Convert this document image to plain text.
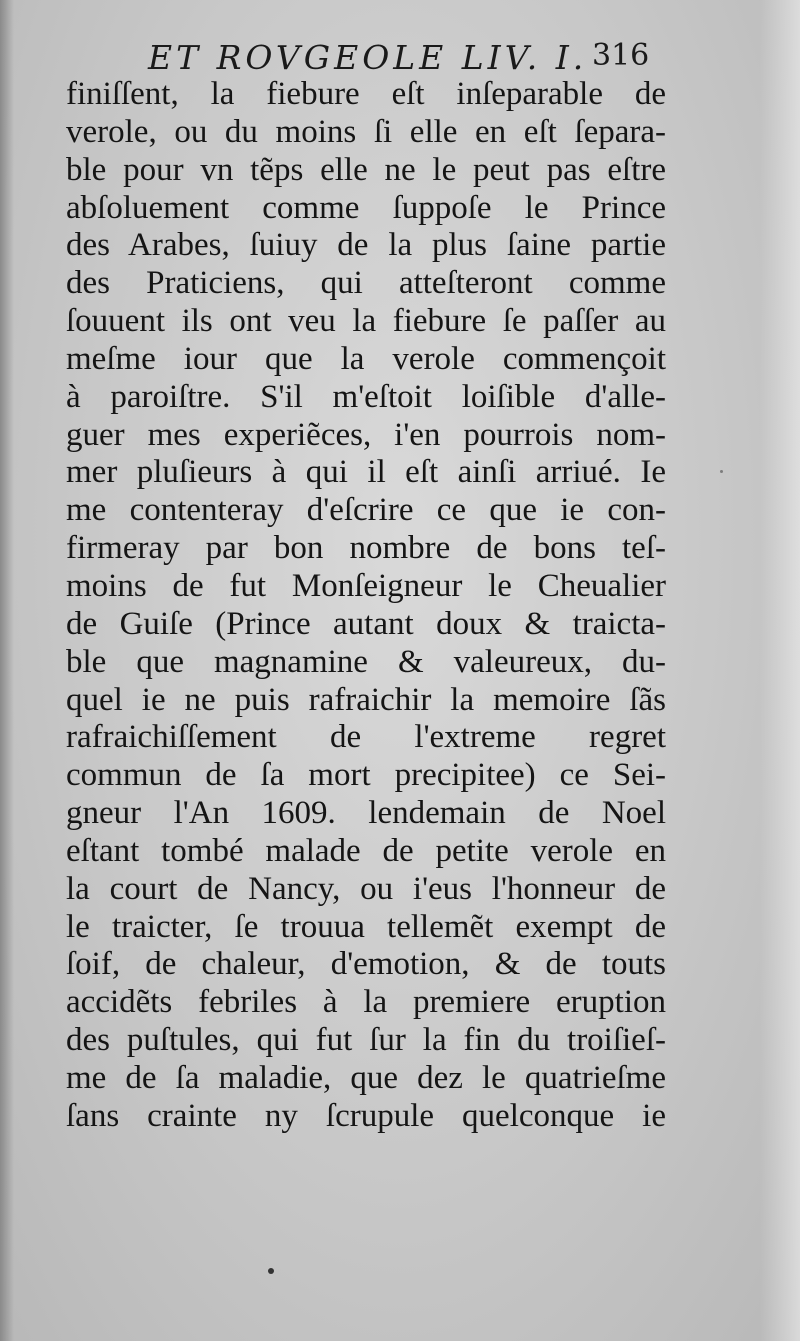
ET ROVGEOLE LIV. I. 316
finiſſent, la fiebure eſt inſeparable de
verole, ou du moins ſi elle en eſt ſepara-
ble pour vn tẽps elle ne le peut pas eſtre
abſoluement comme ſuppoſe le Prince
des Arabes, ſuiuy de la plus ſaine partie
des Praticiens, qui atteſteront comme
ſouuent ils ont veu la fiebure ſe paſſer au
meſme iour que la verole commençoit
à paroiſtre. S'il m'eſtoit loiſible d'alle-
guer mes experiẽces, i'en pourrois nom-
mer pluſieurs à qui il eſt ainſi arriué. Ie
me contenteray d'eſcrire ce que ie con-
firmeray par bon nombre de bons teſ-
moins de fut Monſeigneur le Cheualier
de Guiſe (Prince autant doux & traicta-
ble que magnamine & valeureux, du-
quel ie ne puis rafraichir la memoire ſãs
rafraichiſſement de l'extreme regret
commun de ſa mort precipitee) ce Sei-
gneur l'An 1609. lendemain de Noel
eſtant tombé malade de petite verole en
la court de Nancy, ou i'eus l'honneur de
le traicter, ſe trouua tellemẽt exempt de
ſoif, de chaleur, d'emotion, & de touts
accidẽts febriles à la premiere eruption
des puſtules, qui fut ſur la fin du troiſieſ-
me de ſa maladie, que dez le quatrieſme
ſans crainte ny ſcrupule quelconque ie
